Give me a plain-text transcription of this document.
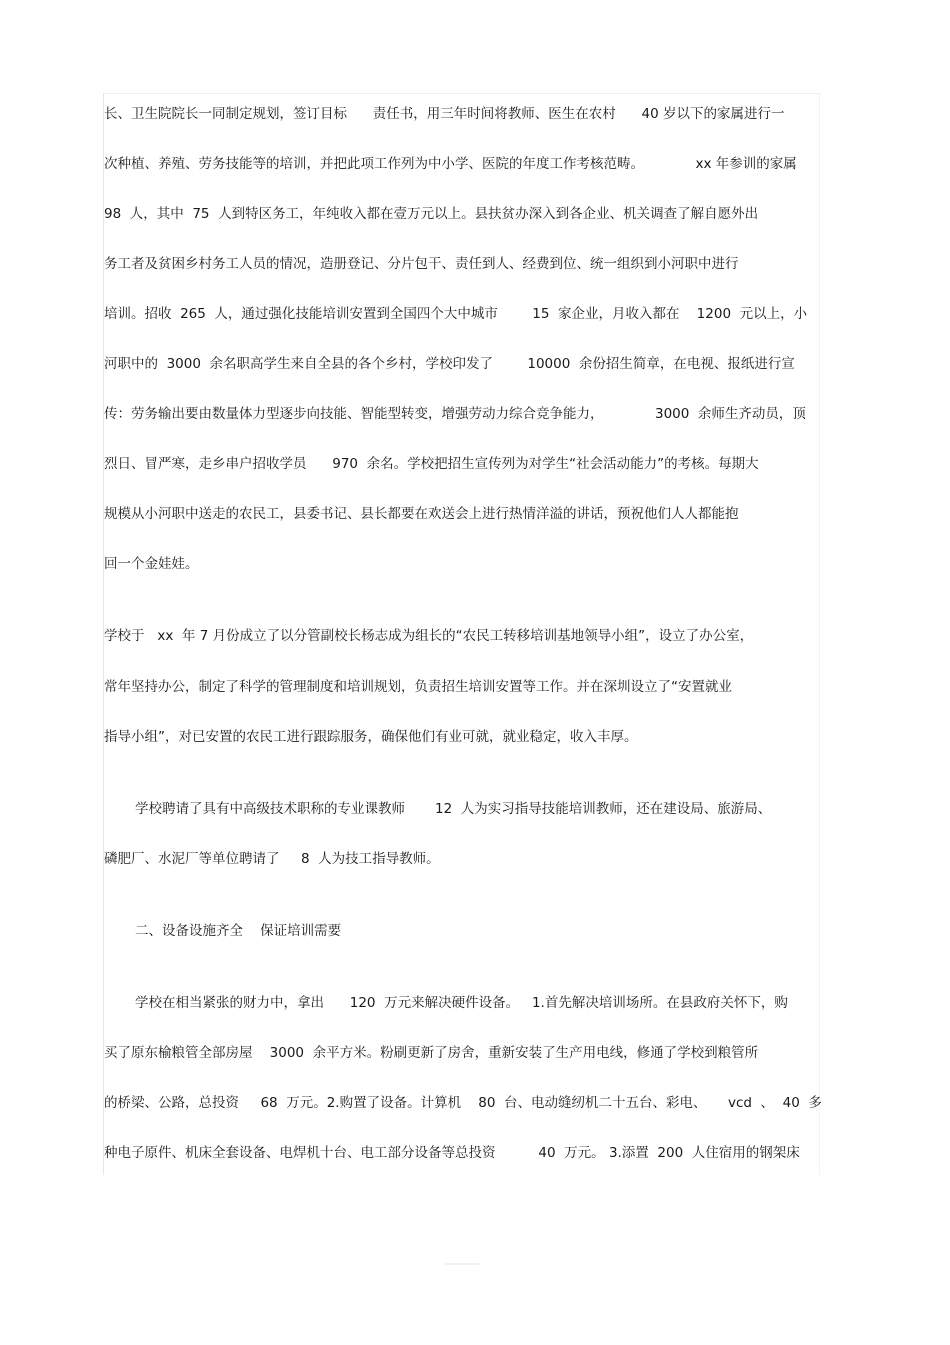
长、卫生院院长一同制定规划，签订目标      责任书，用三年时间将教师、医生在农村      40 岁以下的家属进行一
次种植、养殖、劳务技能等的培训，并把此项工作列为中小学、医院的年度工作考核范畴。            xx 年参训的家属
98  人，其中  75  人到特区务工，年纯收入都在壹万元以上。县扶贫办深入到各企业、机关调查了解自愿外出
务工者及贫困乡村务工人员的情况，造册登记、分片包干、责任到人、经费到位、统一组织到小河职中进行
培训。招收  265  人，通过强化技能培训安置到全国四个大中城市        15  家企业，月收入都在    1200  元以上，小
河职中的  3000  余名职高学生来自全县的各个乡村，学校印发了        10000  余份招生简章，在电视、报纸进行宣
传：劳务输出要由数量体力型逐步向技能、智能型转变，增强劳动力综合竞争能力，            3000  余师生齐动员，顶
烈日、冒严寒，走乡串户招收学员      970  余名。学校把招生宣传列为对学生“社会活动能力”的考核。每期大
规模从小河职中送走的农民工，县委书记、县长都要在欢送会上进行热情洋溢的讲话，预祝他们人人都能抱
回一个金娃娃。
学校于   xx  年 7 月份成立了以分管副校长杨志成为组长的“农民工转移培训基地领导小组”，设立了办公室，
常年坚持办公，制定了科学的管理制度和培训规划，负责招生培训安置等工作。并在深圳设立了“安置就业
指导小组”，对已安置的农民工进行跟踪服务，确保他们有业可就，就业稳定，收入丰厚。
学校聘请了具有中高级技术职称的专业课教师       12  人为实习指导技能培训教师，还在建设局、旅游局、
磷肥厂、水泥厂等单位聘请了     8  人为技工指导教师。
二、设备设施齐全    保证培训需要
学校在相当紧张的财力中，拿出      120  万元来解决硬件设备。   1.首先解决培训场所。在县政府关怀下，购
买了原东榆粮管全部房屋    3000  余平方米。粉刷更新了房舍，重新安装了生产用电线，修通了学校到粮管所
的桥梁、公路，总投资     68  万元。2.购置了设备。计算机    80  台、电动缝纫机二十五台、彩电、     vcd  、  40  多
种电子原件、机床全套设备、电焊机十台、电工部分设备等总投资          40  万元。 3.添置  200  人住宿用的钢架床
